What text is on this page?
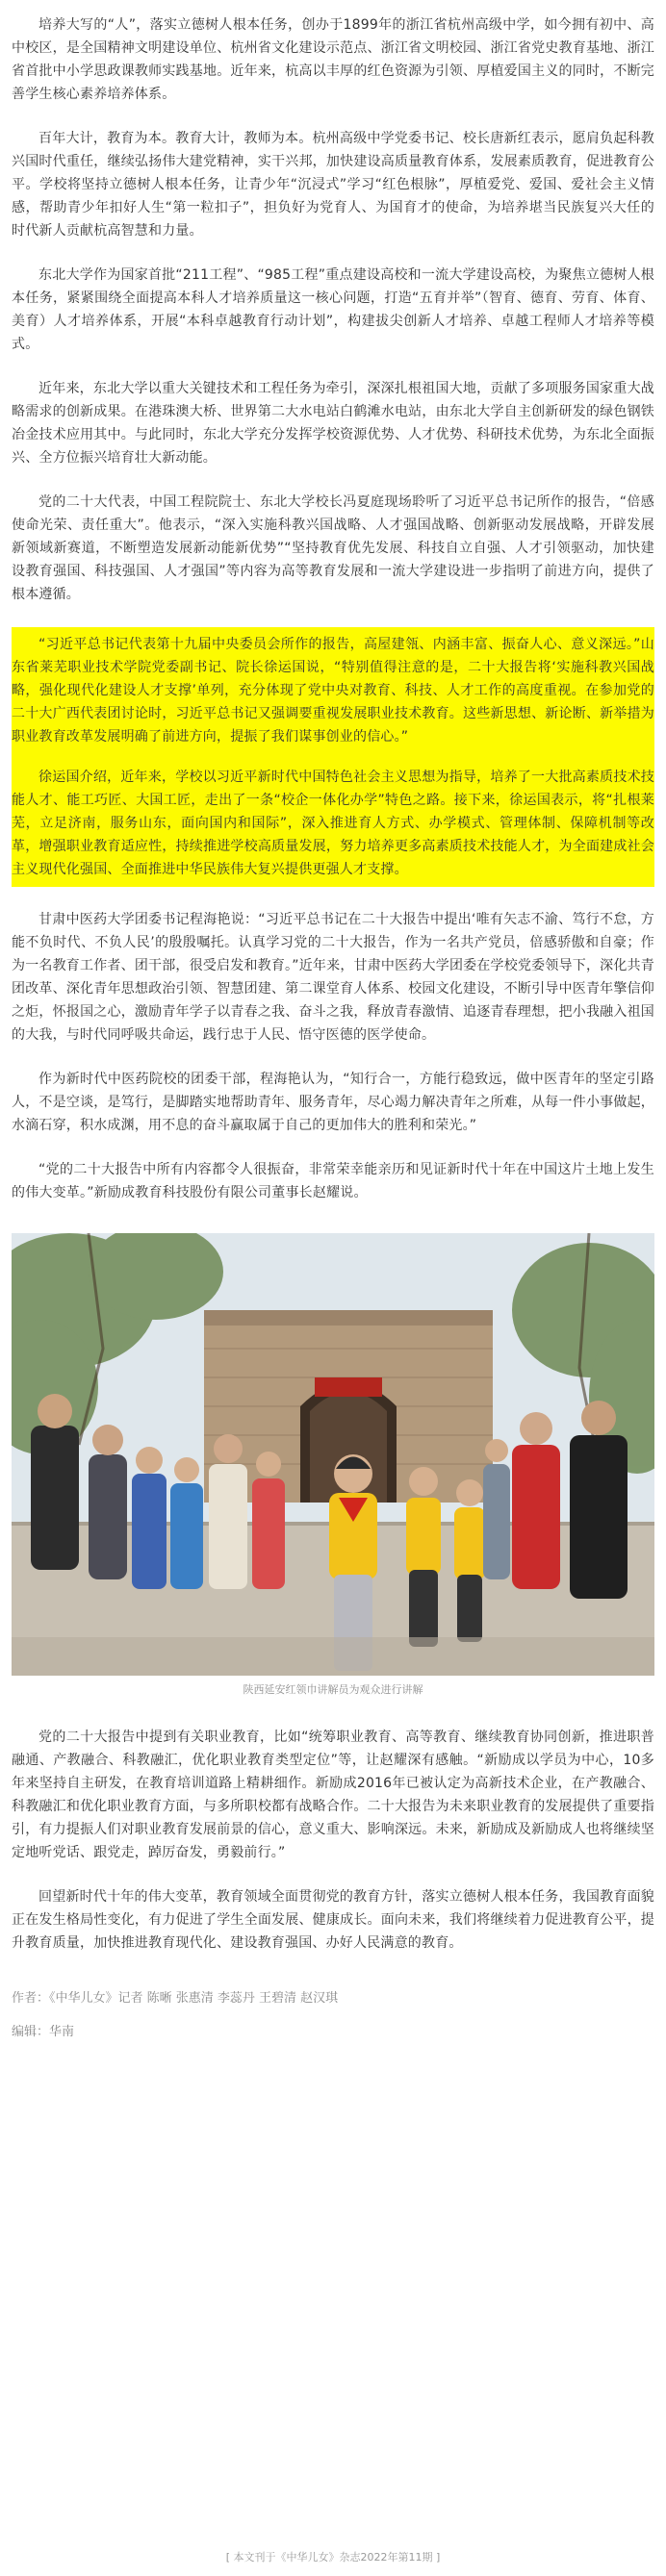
培养大写的“人”，落实立德树人根本任务，创办于1899年的浙江省杭州高级中学，如今拥有初中、高中校区，是全国精神文明建设单位、杭州省文化建设示范点、浙江省文明校园、浙江省党史教育基地、浙江省首批中小学思政课教师实践基地。近年来，杭高以丰厚的红色资源为引领、厚植爱国主义的同时，不断完善学生核心素养培养体系。

百年大计，教育为本。教育大计，教师为本。杭州高级中学党委书记、校长唐新红表示，愿肩负起科教兴国时代重任，继续弘扬伟大建党精神，实干兴邦，加快建设高质量教育体系，发展素质教育，促进教育公平。学校将坚持立德树人根本任务，让青少年“沉浸式”学习“红色根脉”，厚植爱党、爱国、爱社会主义情感，帮助青少年扣好人生“第一粒扣子”，担负好为党育人、为国育才的使命，为培养堪当民族复兴大任的时代新人贡献杭高智慧和力量。

东北大学作为国家首批“211工程”、“985工程”重点建设高校和一流大学建设高校，为聚焦立德树人根本任务，紧紧围绕全面提高本科人才培养质量这一核心问题，打造“五育并举”（智育、德育、劳育、体育、美育）人才培养体系，开展“本科卓越教育行动计划”，构建拔尖创新人才培养、卓越工程师人才培养等模式。

近年来，东北大学以重大关键技术和工程任务为牵引，深深扎根祖国大地，贡献了多项服务国家重大战略需求的创新成果。在港珠澳大桥、世界第二大水电站白鹤滩水电站，由东北大学自主创新研发的绿色钢铁冶金技术应用其中。与此同时，东北大学充分发挥学校资源优势、人才优势、科研技术优势，为东北全面振兴、全方位振兴培育壮大新动能。

党的二十大代表，中国工程院院士、东北大学校长冯夏庭现场聆听了习近平总书记所作的报告，“倍感使命光荣、责任重大”。他表示，“深入实施科教兴国战略、人才强国战略、创新驱动发展战略，开辟发展新领域新赛道，不断塑造发展新动能新优势”“坚持教育优先发展、科技自立自强、人才引领驱动，加快建设教育强国、科技强国、人才强国”等内容为高等教育发展和一流大学建设进一步指明了前进方向，提供了根本遵循。

“习近平总书记代表第十九届中央委员会所作的报告，高屋建瓴、内涵丰富、振奋人心、意义深远。”山东省莱芜职业技术学院党委副书记、院长徐运国说，“特别值得注意的是，二十大报告将‘实施科教兴国战略，强化现代化建设人才支撑’单列，充分体现了党中央对教育、科技、人才工作的高度重视。在参加党的二十大广西代表团讨论时，习近平总书记又强调要重视发展职业技术教育。这些新思想、新论断、新举措为职业教育改革发展明确了前进方向，提振了我们谋事创业的信心。”

徐运国介绍，近年来，学校以习近平新时代中国特色社会主义思想为指导，培养了一大批高素质技术技能人才、能工巧匠、大国工匠，走出了一条“校企一体化办学”特色之路。接下来，徐运国表示，将“扎根莱芜，立足济南，服务山东，面向国内和国际”，深入推进育人方式、办学模式、管理体制、保障机制等改革，增强职业教育适应性，持续推进学校高质量发展，努力培养更多高素质技术技能人才，为全面建成社会主义现代化强国、全面推进中华民族伟大复兴提供更强人才支撑。

甘肃中医药大学团委书记程海艳说：“习近平总书记在二十大报告中提出‘唯有矢志不渝、笃行不怠，方能不负时代、不负人民’的殷殷嘱托。认真学习党的二十大报告，作为一名共产党员，倍感骄傲和自豪；作为一名教育工作者、团干部，很受启发和教育。”近年来，甘肃中医药大学团委在学校党委领导下，深化共青团改革、深化青年思想政治引领、智慧团建、第二课堂育人体系、校园文化建设，不断引导中医青年擎信仰之炬，怀报国之心，激励青年学子以青春之我、奋斗之我，释放青春激情、追逐青春理想，把小我融入祖国的大我，与时代同呼吸共命运，践行忠于人民、悟守医德的医学使命。

作为新时代中医药院校的团委干部，程海艳认为，“知行合一，方能行稳致远，做中医青年的坚定引路人，不是空谈，是笃行，是脚踏实地帮助青年、服务青年，尽心竭力解决青年之所难，从每一件小事做起，水滴石穿，积水成渊，用不息的奋斗赢取属于自己的更加伟大的胜利和荣光。”

“党的二十大报告中所有内容都令人很振奋，非常荣幸能亲历和见证新时代十年在中国这片土地上发生的伟大变革。”新励成教育科技股份有限公司董事长赵耀说。

陕西延安红领巾讲解员为观众进行讲解

党的二十大报告中提到有关职业教育，比如“统筹职业教育、高等教育、继续教育协同创新，推进职普融通、产教融合、科教融汇，优化职业教育类型定位”等，让赵耀深有感触。“新励成以学员为中心，10多年来坚持自主研发，在教育培训道路上精耕细作。新励成2016年已被认定为高新技术企业，在产教融合、科教融汇和优化职业教育方面，与多所职校都有战略合作。二十大报告为未来职业教育的发展提供了重要指引，有力提振人们对职业教育发展前景的信心，意义重大、影响深远。未来，新励成及新励成人也将继续坚定地听党话、跟党走，踔厉奋发，勇毅前行。”

回望新时代十年的伟大变革，教育领域全面贯彻党的教育方针，落实立德树人根本任务，我国教育面貌正在发生格局性变化，有力促进了学生全面发展、健康成长。面向未来，我们将继续着力促进教育公平，提升教育质量，加快推进教育现代化、建设教育强国、办好人民满意的教育。

作者：《中华儿女》记者 陈晰 张惠清 李蕊丹 王碧清 赵汉琪
编辑：华南
[ 本文刊于《中华儿女》杂志2022年第11期 ]
